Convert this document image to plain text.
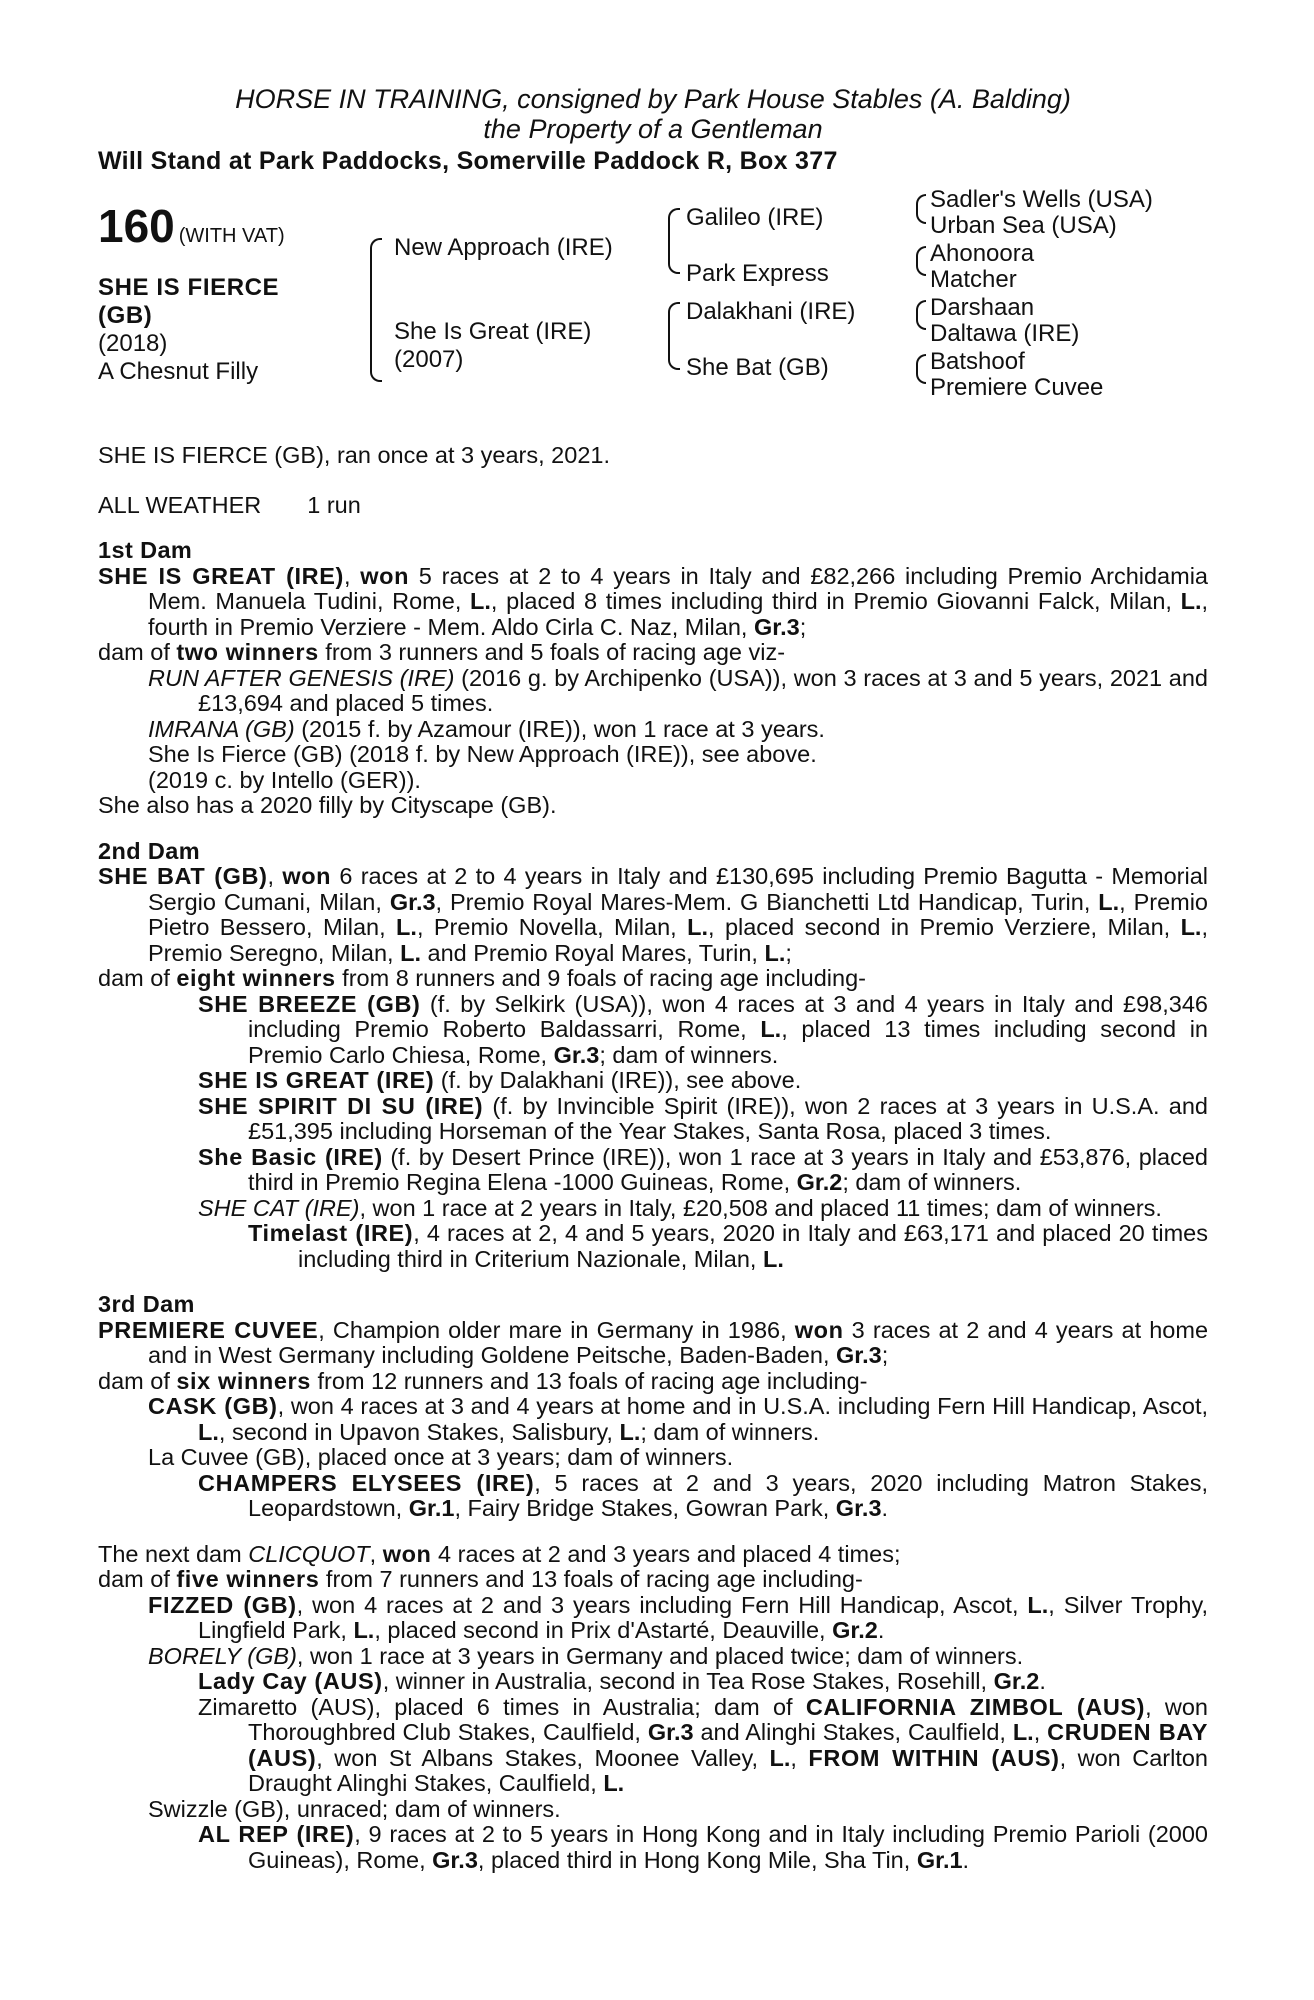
HORSE IN TRAINING, consigned by Park House Stables (A. Balding)
the Property of a Gentleman
Will Stand at Park Paddocks, Somerville Paddock R, Box 377
160 (WITH VAT)
SHE IS FIERCE
(GB)
(2018)
A Chesnut Filly
New Approach (IRE)
She Is Great (IRE)
(2007)
Galileo (IRE)
Park Express
Dalakhani (IRE)
She Bat (GB)
Sadler's Wells (USA)
Urban Sea (USA)
Ahonoora
Matcher
Darshaan
Daltawa (IRE)
Batshoof
Premiere Cuvee

SHE IS FIERCE (GB), ran once at 3 years, 2021.

ALL WEATHER 1 run

1st Dam

SHE IS GREAT (IRE), won 5 races at 2 to 4 years in Italy and £82,266 including Premio Archidamia Mem. Manuela Tudini, Rome, L., placed 8 times including third in Premio Giovanni Falck, Milan, L., fourth in Premio Verziere - Mem. Aldo Cirla C. Naz, Milan, Gr.3;

dam of two winners from 3 runners and 5 foals of racing age viz-

RUN AFTER GENESIS (IRE) (2016 g. by Archipenko (USA)), won 3 races at 3 and 5 years, 2021 and £13,694 and placed 5 times.

IMRANA (GB) (2015 f. by Azamour (IRE)), won 1 race at 3 years.

She Is Fierce (GB) (2018 f. by New Approach (IRE)), see above.

(2019 c. by Intello (GER)).

She also has a 2020 filly by Cityscape (GB).

2nd Dam

SHE BAT (GB), won 6 races at 2 to 4 years in Italy and £130,695 including Premio Bagutta - Memorial Sergio Cumani, Milan, Gr.3, Premio Royal Mares-Mem. G Bianchetti Ltd Handicap, Turin, L., Premio Pietro Bessero, Milan, L., Premio Novella, Milan, L., placed second in Premio Verziere, Milan, L., Premio Seregno, Milan, L. and Premio Royal Mares, Turin, L.;

dam of eight winners from 8 runners and 9 foals of racing age including-

SHE BREEZE (GB) (f. by Selkirk (USA)), won 4 races at 3 and 4 years in Italy and £98,346 including Premio Roberto Baldassarri, Rome, L., placed 13 times including second in Premio Carlo Chiesa, Rome, Gr.3; dam of winners.

SHE IS GREAT (IRE) (f. by Dalakhani (IRE)), see above.

SHE SPIRIT DI SU (IRE) (f. by Invincible Spirit (IRE)), won 2 races at 3 years in U.S.A. and £51,395 including Horseman of the Year Stakes, Santa Rosa, placed 3 times.

She Basic (IRE) (f. by Desert Prince (IRE)), won 1 race at 3 years in Italy and £53,876, placed third in Premio Regina Elena -1000 Guineas, Rome, Gr.2; dam of winners.

SHE CAT (IRE), won 1 race at 2 years in Italy, £20,508 and placed 11 times; dam of winners.

Timelast (IRE), 4 races at 2, 4 and 5 years, 2020 in Italy and £63,171 and placed 20 times including third in Criterium Nazionale, Milan, L.

3rd Dam

PREMIERE CUVEE, Champion older mare in Germany in 1986, won 3 races at 2 and 4 years at home and in West Germany including Goldene Peitsche, Baden-Baden, Gr.3;

dam of six winners from 12 runners and 13 foals of racing age including-

CASK (GB), won 4 races at 3 and 4 years at home and in U.S.A. including Fern Hill Handicap, Ascot, L., second in Upavon Stakes, Salisbury, L.; dam of winners.

La Cuvee (GB), placed once at 3 years; dam of winners.

CHAMPERS ELYSEES (IRE), 5 races at 2 and 3 years, 2020 including Matron Stakes, Leopardstown, Gr.1, Fairy Bridge Stakes, Gowran Park, Gr.3.

The next dam CLICQUOT, won 4 races at 2 and 3 years and placed 4 times;

dam of five winners from 7 runners and 13 foals of racing age including-

FIZZED (GB), won 4 races at 2 and 3 years including Fern Hill Handicap, Ascot, L., Silver Trophy, Lingfield Park, L., placed second in Prix d'Astarté, Deauville, Gr.2.

BORELY (GB), won 1 race at 3 years in Germany and placed twice; dam of winners.

Lady Cay (AUS), winner in Australia, second in Tea Rose Stakes, Rosehill, Gr.2.

Zimaretto (AUS), placed 6 times in Australia; dam of CALIFORNIA ZIMBOL (AUS), won Thoroughbred Club Stakes, Caulfield, Gr.3 and Alinghi Stakes, Caulfield, L., CRUDEN BAY (AUS), won St Albans Stakes, Moonee Valley, L., FROM WITHIN (AUS), won Carlton Draught Alinghi Stakes, Caulfield, L.

Swizzle (GB), unraced; dam of winners.

AL REP (IRE), 9 races at 2 to 5 years in Hong Kong and in Italy including Premio Parioli (2000 Guineas), Rome, Gr.3, placed third in Hong Kong Mile, Sha Tin, Gr.1.
